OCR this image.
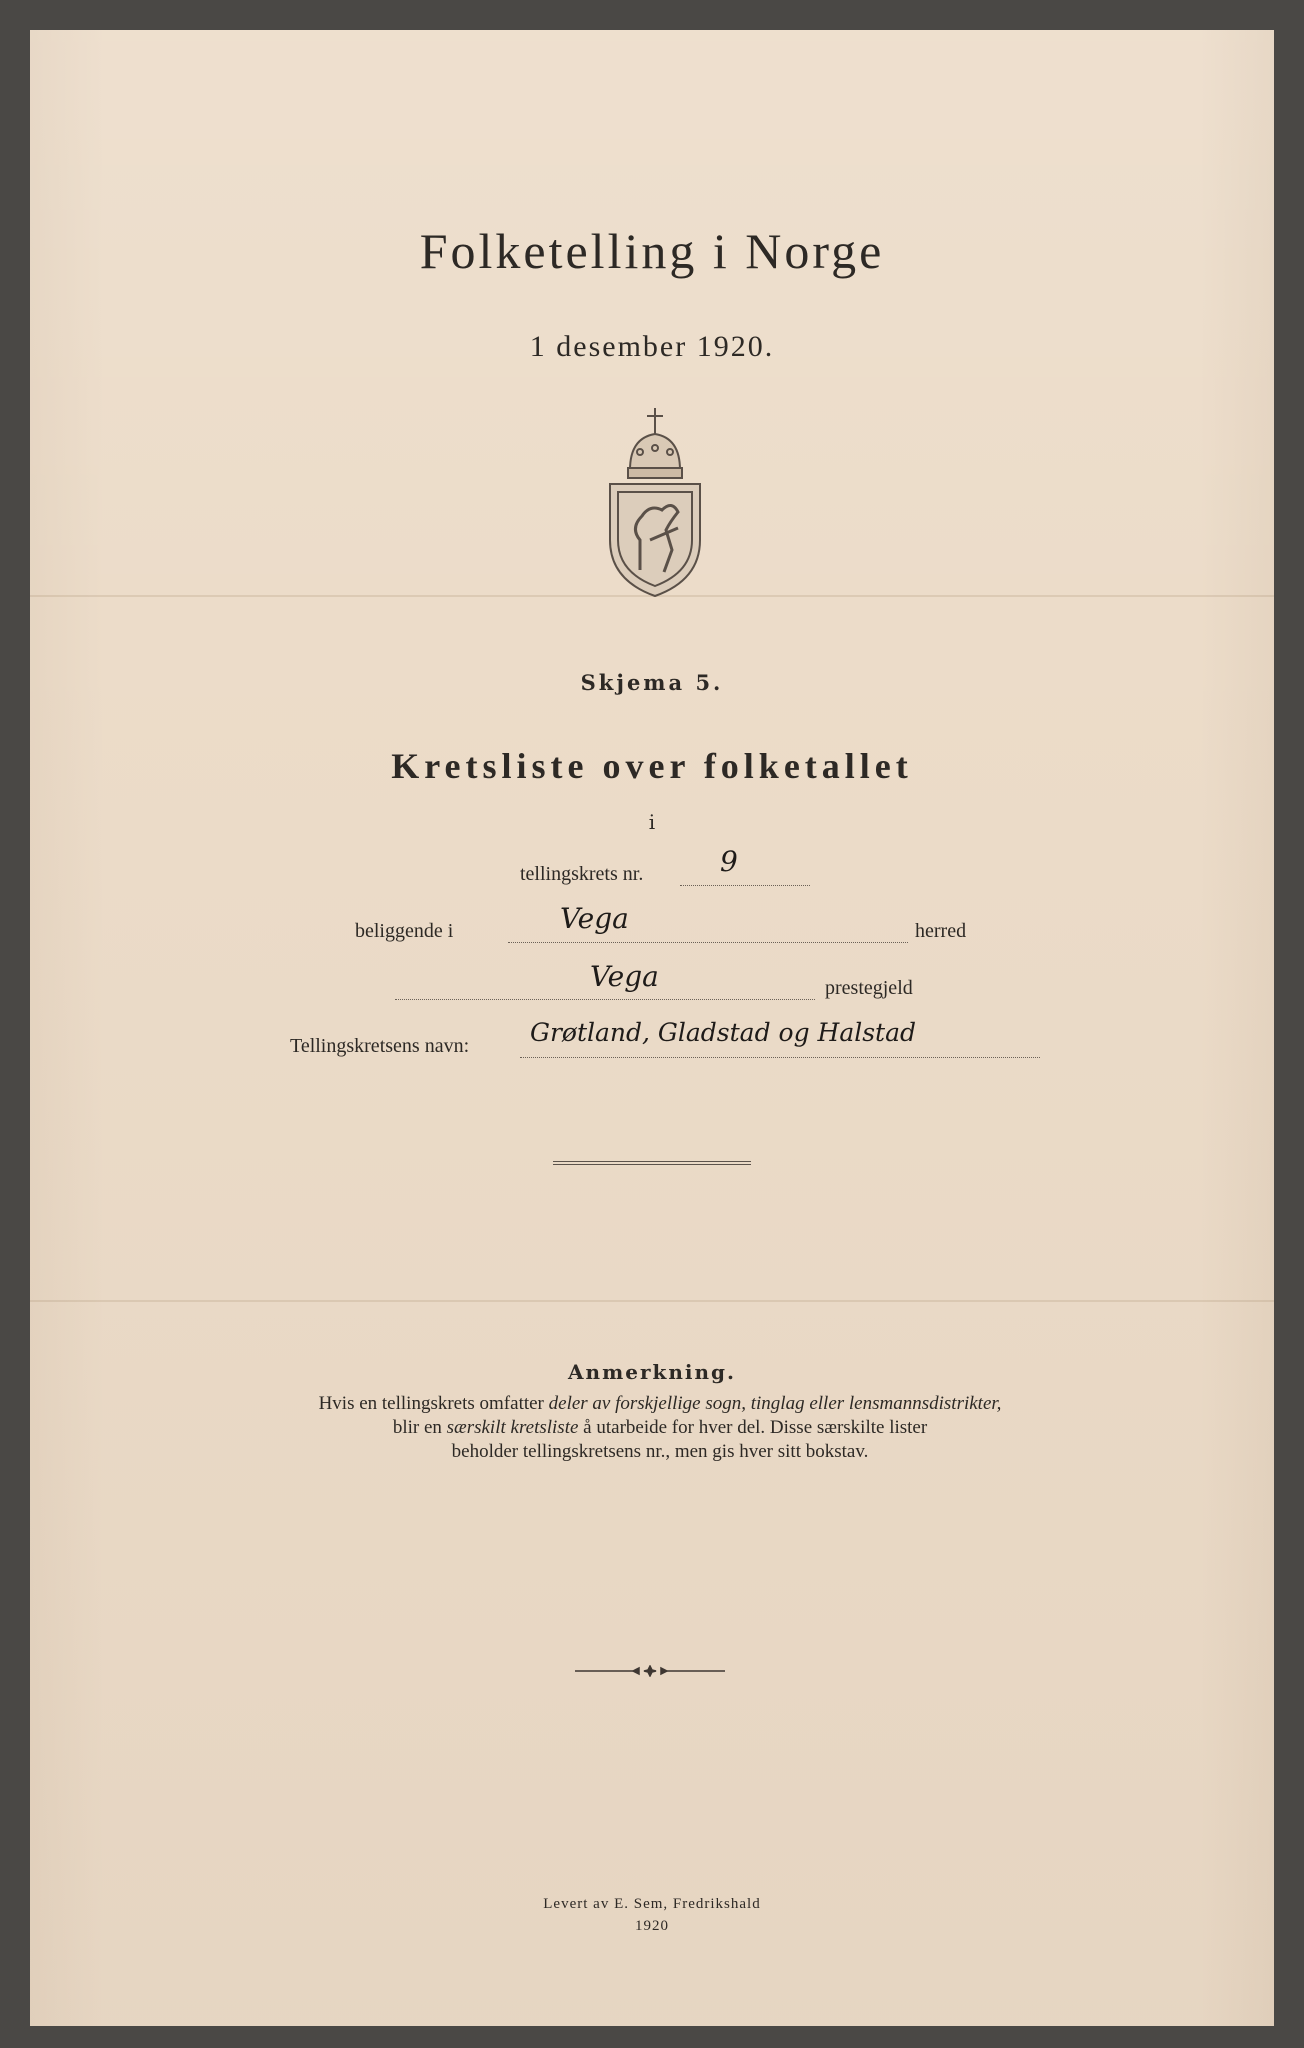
Folketelling i Norge
1 desember 1920.
Skjema 5.
Kretsliste over folketallet
i
tellingskrets nr.	9
beliggende i	Vega	herred
Vega	prestegjeld
Tellingskretsens navn: Grøtland, Gladstad og Halstad
Anmerkning.
Hvis en tellingskrets omfatter deler av forskjellige sogn, tinglag eller lensmannsdistrikter,
blir en særskilt kretsliste å utarbeide for hver del. Disse særskilte lister
beholder tellingskretsens nr., men gis hver sitt bokstav.
Levert av E. Sem, Fredrikshald
1920
